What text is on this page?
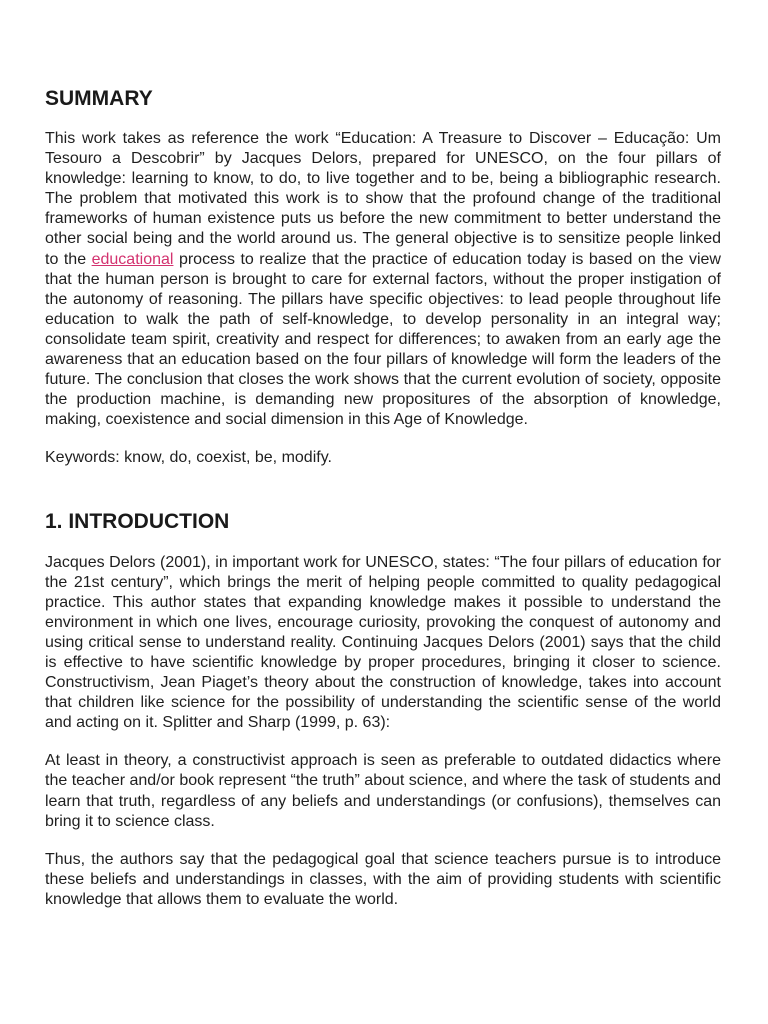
SUMMARY

This work takes as reference the work “Education: A Treasure to Discover – Educação: Um Tesouro a Descobrir” by Jacques Delors, prepared for UNESCO, on the four pillars of knowledge: learning to know, to do, to live together and to be, being a bibliographic research. The problem that motivated this work is to show that the profound change of the traditional frameworks of human existence puts us before the new commitment to better understand the other social being and the world around us. The general objective is to sensitize people linked to the educational process to realize that the practice of education today is based on the view that the human person is brought to care for external factors, without the proper instigation of the autonomy of reasoning. The pillars have specific objectives: to lead people throughout life education to walk the path of self-knowledge, to develop personality in an integral way; consolidate team spirit, creativity and respect for differences; to awaken from an early age the awareness that an education based on the four pillars of knowledge will form the leaders of the future. The conclusion that closes the work shows that the current evolution of society, opposite the production machine, is demanding new propositures of the absorption of knowledge, making, coexistence and social dimension in this Age of Knowledge.

Keywords: know, do, coexist, be, modify.

1. INTRODUCTION

Jacques Delors (2001), in important work for UNESCO, states: “The four pillars of education for the 21st century”, which brings the merit of helping people committed to quality pedagogical practice. This author states that expanding knowledge makes it possible to understand the environment in which one lives, encourage curiosity, provoking the conquest of autonomy and using critical sense to understand reality. Continuing Jacques Delors (2001) says that the child is effective to have scientific knowledge by proper procedures, bringing it closer to science. Constructivism, Jean Piaget’s theory about the construction of knowledge, takes into account that children like science for the possibility of understanding the scientific sense of the world and acting on it. Splitter and Sharp (1999, p. 63):

At least in theory, a constructivist approach is seen as preferable to outdated didactics where the teacher and/or book represent “the truth” about science, and where the task of students and learn that truth, regardless of any beliefs and understandings (or confusions), themselves can bring it to science class.

Thus, the authors say that the pedagogical goal that science teachers pursue is to introduce these beliefs and understandings in classes, with the aim of providing students with scientific knowledge that allows them to evaluate the world.
